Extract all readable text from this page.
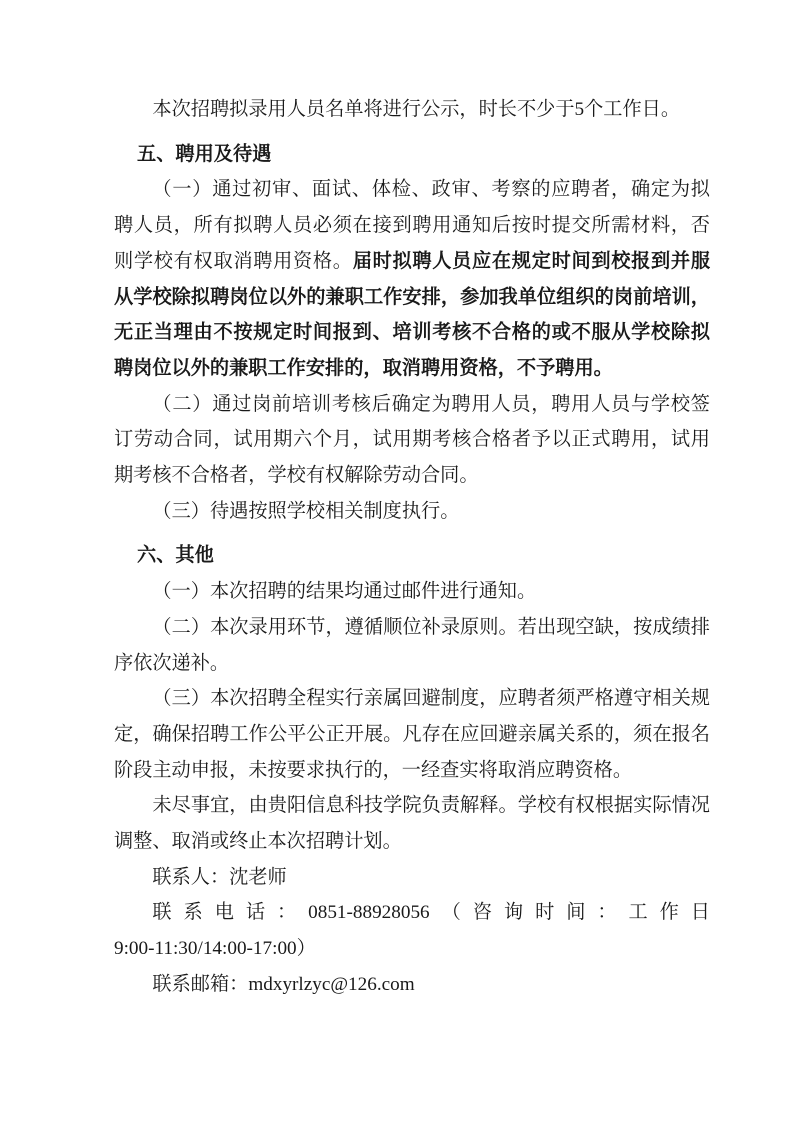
本次招聘拟录用人员名单将进行公示，时长不少于5个工作日。
五、聘用及待遇
（一）通过初审、面试、体检、政审、考察的应聘者，确定为拟
聘人员，所有拟聘人员必须在接到聘用通知后按时提交所需材料，否
则学校有权取消聘用资格。届时拟聘人员应在规定时间到校报到并服
从学校除拟聘岗位以外的兼职工作安排，参加我单位组织的岗前培训，
无正当理由不按规定时间报到、培训考核不合格的或不服从学校除拟
聘岗位以外的兼职工作安排的，取消聘用资格，不予聘用。
（二）通过岗前培训考核后确定为聘用人员，聘用人员与学校签
订劳动合同，试用期六个月，试用期考核合格者予以正式聘用，试用
期考核不合格者，学校有权解除劳动合同。
（三）待遇按照学校相关制度执行。
六、其他
（一）本次招聘的结果均通过邮件进行通知。
（二）本次录用环节，遵循顺位补录原则。若出现空缺，按成绩排
序依次递补。
（三）本次招聘全程实行亲属回避制度，应聘者须严格遵守相关规
定，确保招聘工作公平公正开展。凡存在应回避亲属关系的，须在报名
阶段主动申报，未按要求执行的，一经查实将取消应聘资格。
未尽事宜，由贵阳信息科技学院负责解释。学校有权根据实际情况
调整、取消或终止本次招聘计划。
联系人：沈老师
联系电话：0851-88928056（咨询时间：工作日
9:00-11:30/14:00-17:00）
联系邮箱：mdxyrlzyc@126.com
